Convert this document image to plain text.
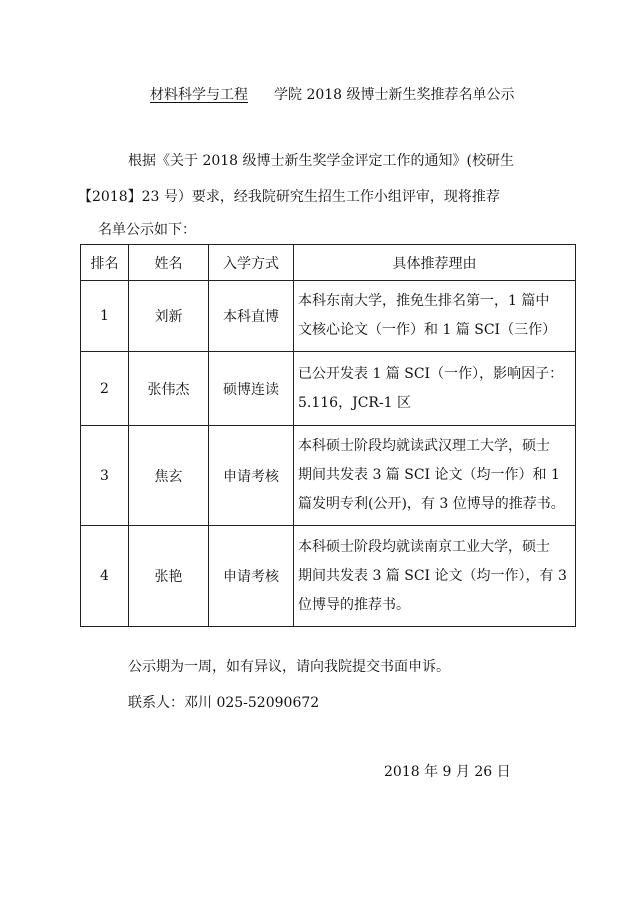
材料科学与工程 学院 2018 级博士新生奖推荐名单公示
根据《关于 2018 级博士新生奖学金评定工作的通知》(校研生
【2018】23 号）要求，经我院研究生招生工作小组评审，现将推荐
名单公示如下：
排名	姓名	入学方式	具体推荐理由
1	刘新	本科直博	本科东南大学，推免生排名第一，1 篇中
文核心论文（一作）和 1 篇 SCI（三作）

2	张伟杰	硕博连读	已公开发表 1 篇 SCI（一作），影响因子：
5.116，JCR-1 区

3	焦玄	申请考核	本科硕士阶段均就读武汉理工大学，硕士
期间共发表 3 篇 SCI 论文（均一作）和 1
篇发明专利(公开)，有 3 位博导的推荐书。

4	张艳	申请考核	本科硕士阶段均就读南京工业大学，硕士
期间共发表 3 篇 SCI 论文（均一作），有 3
位博导的推荐书。
公示期为一周，如有异议，请向我院提交书面申诉。
联系人：邓川 025-52090672
2018 年 9 月 26 日
